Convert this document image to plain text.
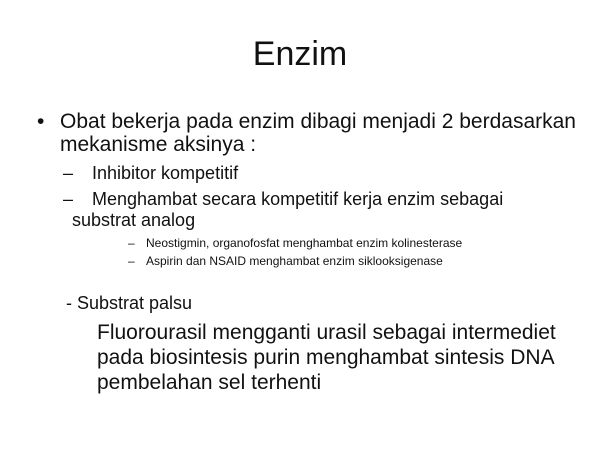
Enzim
• Obat bekerja pada enzim dibagi menjadi 2 berdasarkan
mekanisme aksinya :
– Inhibitor kompetitif
– Menghambat secara kompetitif kerja enzim sebagai
substrat analog
– Neostigmin, organofosfat menghambat enzim kolinesterase
– Aspirin dan NSAID menghambat enzim siklooksigenase
- Substrat palsu
Fluorourasil mengganti urasil sebagai intermediet
pada biosintesis purin menghambat sintesis DNA
pembelahan sel terhenti
